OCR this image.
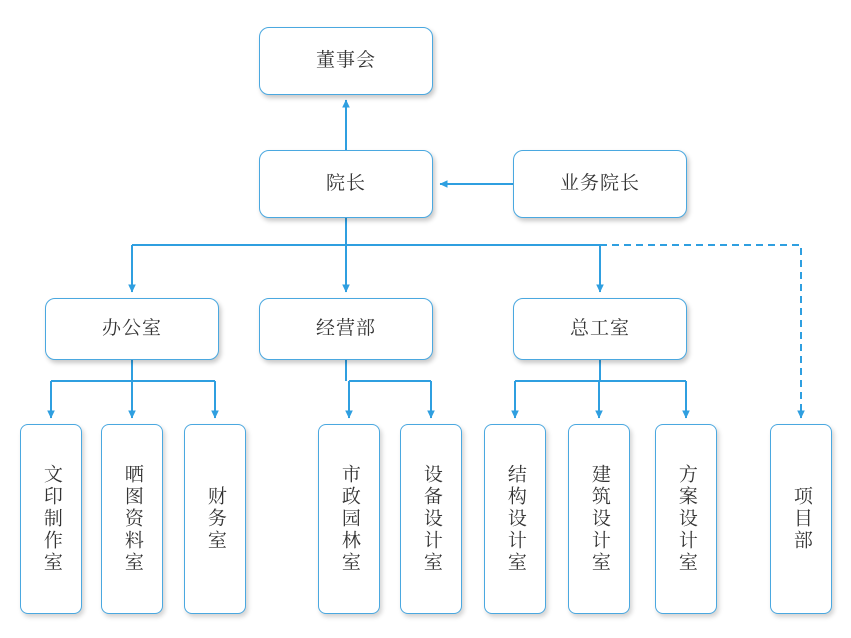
董事会
院长	业务院长
办公室	经营部	总工室
文印制作室	晒图资料室	财务室	市政园林室	设备设计室	结构设计室	建筑设计室	方案设计室	项目部
